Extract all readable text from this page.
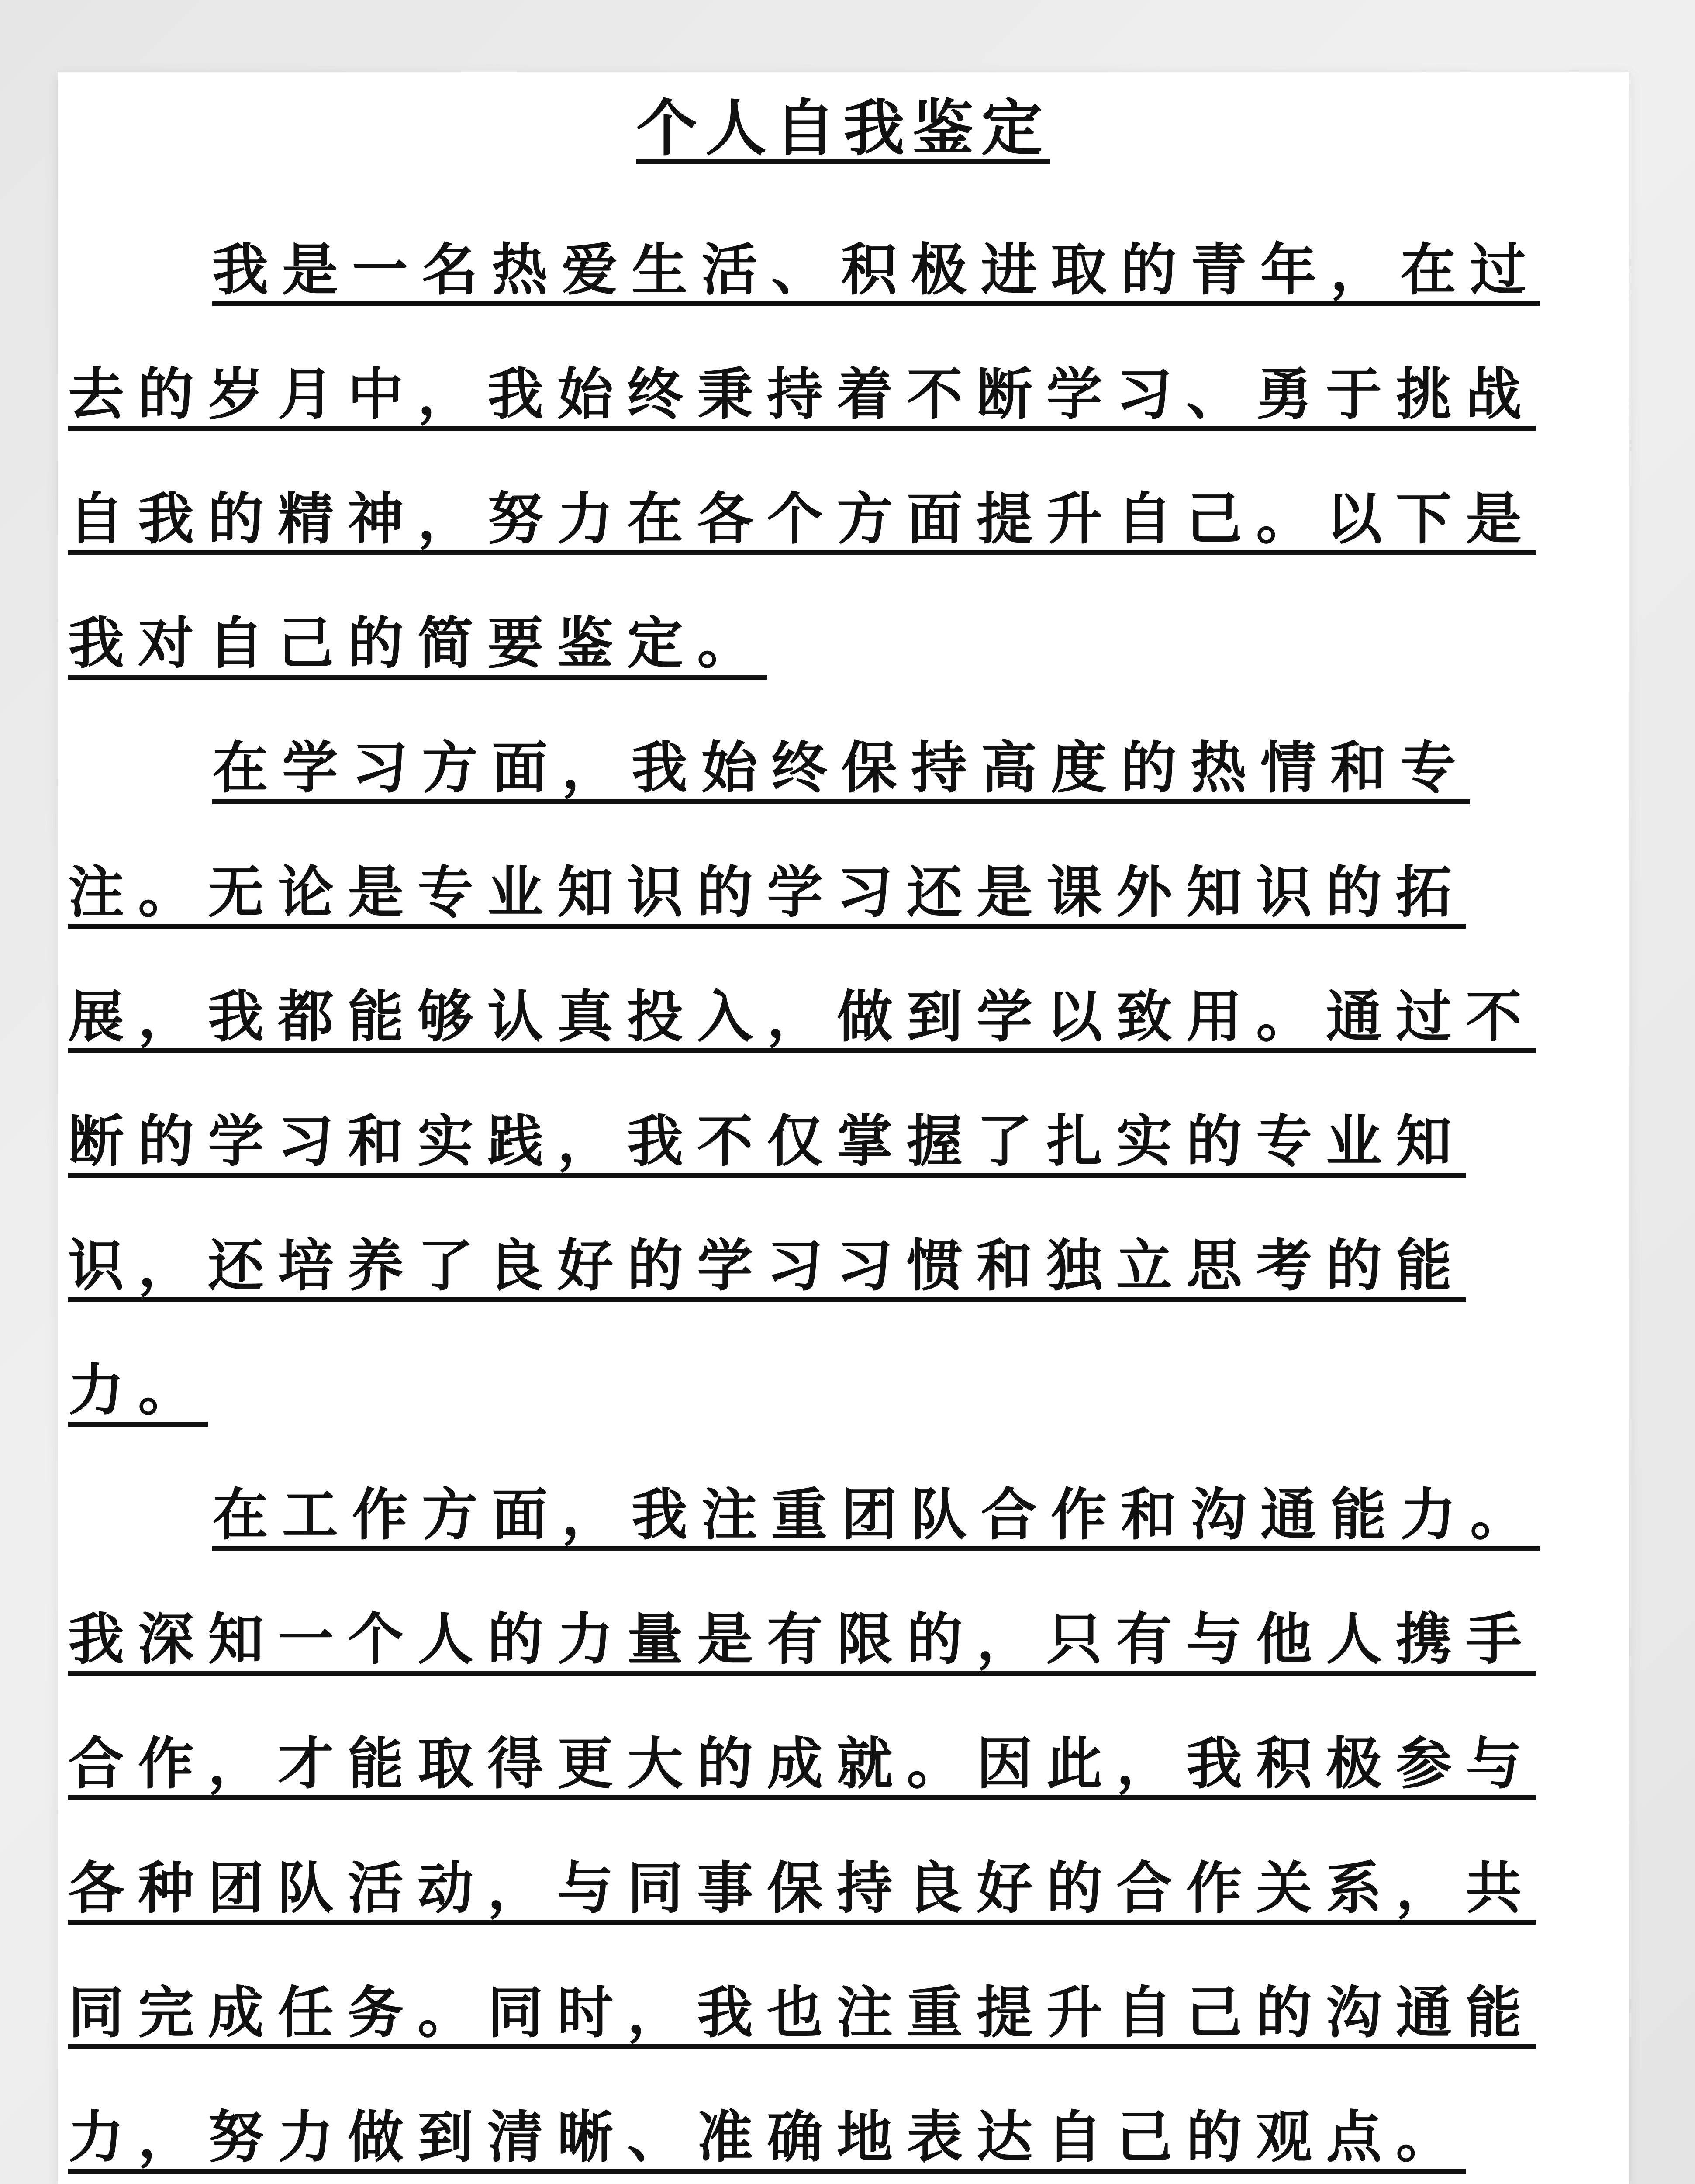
个人自我鉴定
我是一名热爱生活、积极进取的青年，在过
去的岁月中，我始终秉持着不断学习、勇于挑战
自我的精神，努力在各个方面提升自己。以下是
我对自己的简要鉴定。
在学习方面，我始终保持高度的热情和专
注。无论是专业知识的学习还是课外知识的拓
展，我都能够认真投入，做到学以致用。通过不
断的学习和实践，我不仅掌握了扎实的专业知
识，还培养了良好的学习习惯和独立思考的能
力。
在工作方面，我注重团队合作和沟通能力。
我深知一个人的力量是有限的，只有与他人携手
合作，才能取得更大的成就。因此，我积极参与
各种团队活动，与同事保持良好的合作关系，共
同完成任务。同时，我也注重提升自己的沟通能
力，努力做到清晰、准确地表达自己的观点。
